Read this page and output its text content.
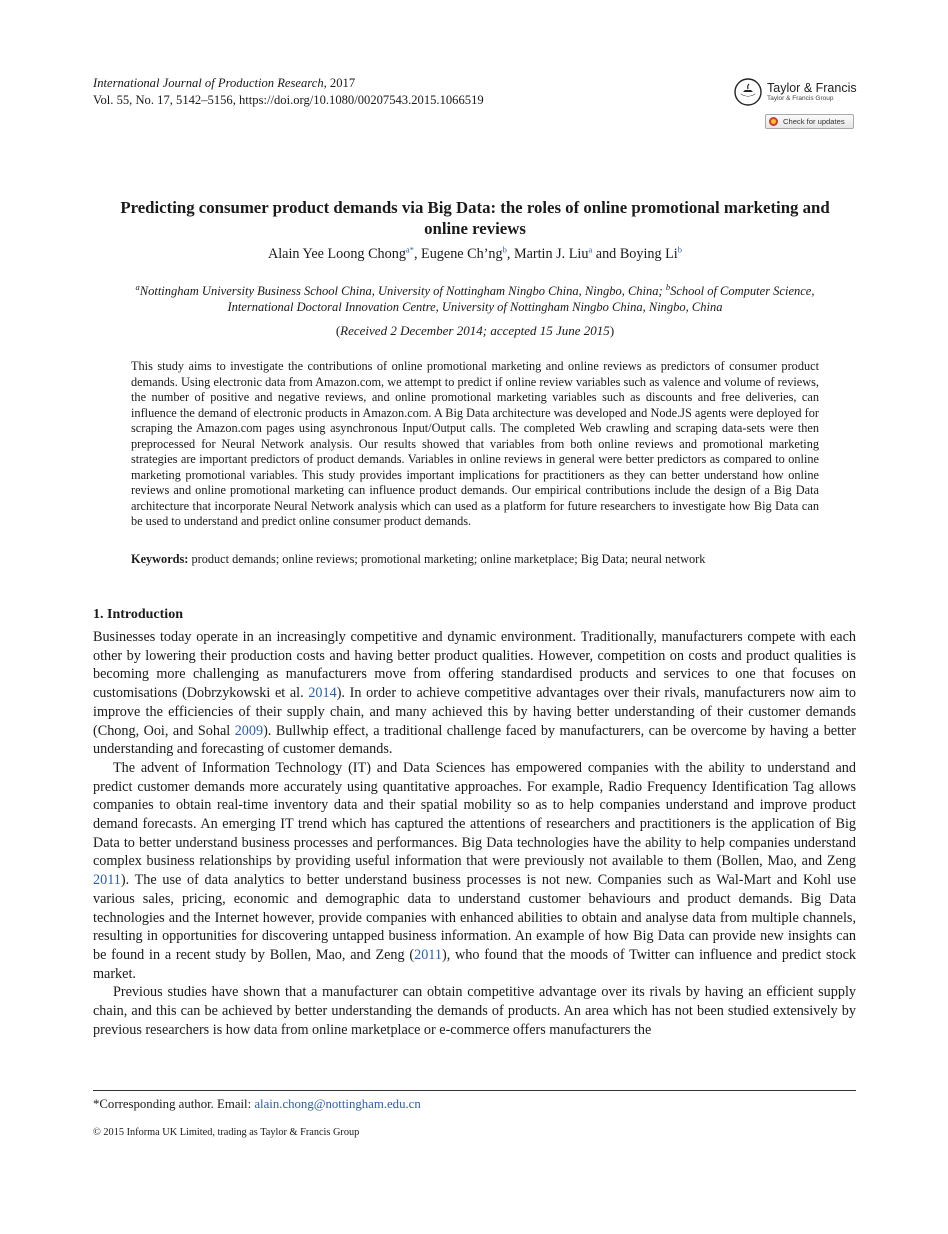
International Journal of Production Research, 2017
Vol. 55, No. 17, 5142–5156, https://doi.org/10.1080/00207543.2015.1066519
Taylor & Francis
Taylor & Francis Group
Check for updates
Predicting consumer product demands via Big Data: the roles of online promotional marketing and online reviews
Alain Yee Loong Chong$^{a*}$, Eugene Ch’ng$^b$, Martin J. Liu$^a$ and Boying Li$^b$
$^a$Nottingham University Business School China, University of Nottingham Ningbo China, Ningbo, China; $^b$School of Computer Science, International Doctoral Innovation Centre, University of Nottingham Ningbo China, Ningbo, China
(Received 2 December 2014; accepted 15 June 2015)
This study aims to investigate the contributions of online promotional marketing and online reviews as predictors of consumer product demands. Using electronic data from Amazon.com, we attempt to predict if online review variables such as valence and volume of reviews, the number of positive and negative reviews, and online promotional marketing variables such as discounts and free deliveries, can influence the demand of electronic products in Amazon.com. A Big Data architecture was developed and Node.JS agents were deployed for scraping the Amazon.com pages using asynchronous Input/Output calls. The completed Web crawling and scraping data-sets were then preprocessed for Neural Network analysis. Our results showed that variables from both online reviews and promotional marketing strategies are important predictors of product demands. Variables in online reviews in general were better predictors as compared to online marketing promotional variables. This study provides important implications for practitioners as they can better understand how online reviews and online promotional marketing can influence product demands. Our empirical contributions include the design of a Big Data architecture that incorporate Neural Network analysis which can used as a platform for future researchers to investigate how Big Data can be used to understand and predict online consumer product demands.
Keywords: product demands; online reviews; promotional marketing; online marketplace; Big Data; neural network
1. Introduction

Businesses today operate in an increasingly competitive and dynamic environment. Traditionally, manufacturers compete with each other by lowering their production costs and having better product qualities. However, competition on costs and product qualities is becoming more challenging as manufacturers move from offering standardised products and services to one that focuses on customisations (Dobrzykowski et al. 2014). In order to achieve competitive advantages over their rivals, manufacturers now aim to improve the efficiencies of their supply chain, and many achieved this by having better understanding of their customer demands (Chong, Ooi, and Sohal 2009). Bullwhip effect, a traditional challenge faced by manufacturers, can be overcome by having a better understanding and forecasting of customer demands.

The advent of Information Technology (IT) and Data Sciences has empowered companies with the ability to understand and predict customer demands more accurately using quantitative approaches. For example, Radio Frequency Identification Tag allows companies to obtain real-time inventory data and their spatial mobility so as to help companies understand and improve product demand forecasts. An emerging IT trend which has captured the attentions of researchers and practitioners is the application of Big Data to better understand business processes and performances. Big Data technologies have the ability to help companies understand complex business relationships by providing useful information that were previously not available to them (Bollen, Mao, and Zeng 2011). The use of data analytics to better understand business processes is not new. Companies such as Wal-Mart and Kohl use various sales, pricing, economic and demographic data to understand customer behaviours and product demands. Big Data technologies and the Internet however, provide companies with enhanced abilities to obtain and analyse data from multiple channels, resulting in opportunities for discovering untapped business information. An example of how Big Data can provide new insights can be found in a recent study by Bollen, Mao, and Zeng (2011), who found that the moods of Twitter can influence and predict stock market.

Previous studies have shown that a manufacturer can obtain competitive advantage over its rivals by having an efficient supply chain, and this can be achieved by better understanding the demands of products. An area which has not been studied extensively by previous researchers is how data from online marketplace or e-commerce offers manufacturers the

*Corresponding author. Email: alain.chong@nottingham.edu.cn
© 2015 Informa UK Limited, trading as Taylor & Francis Group
